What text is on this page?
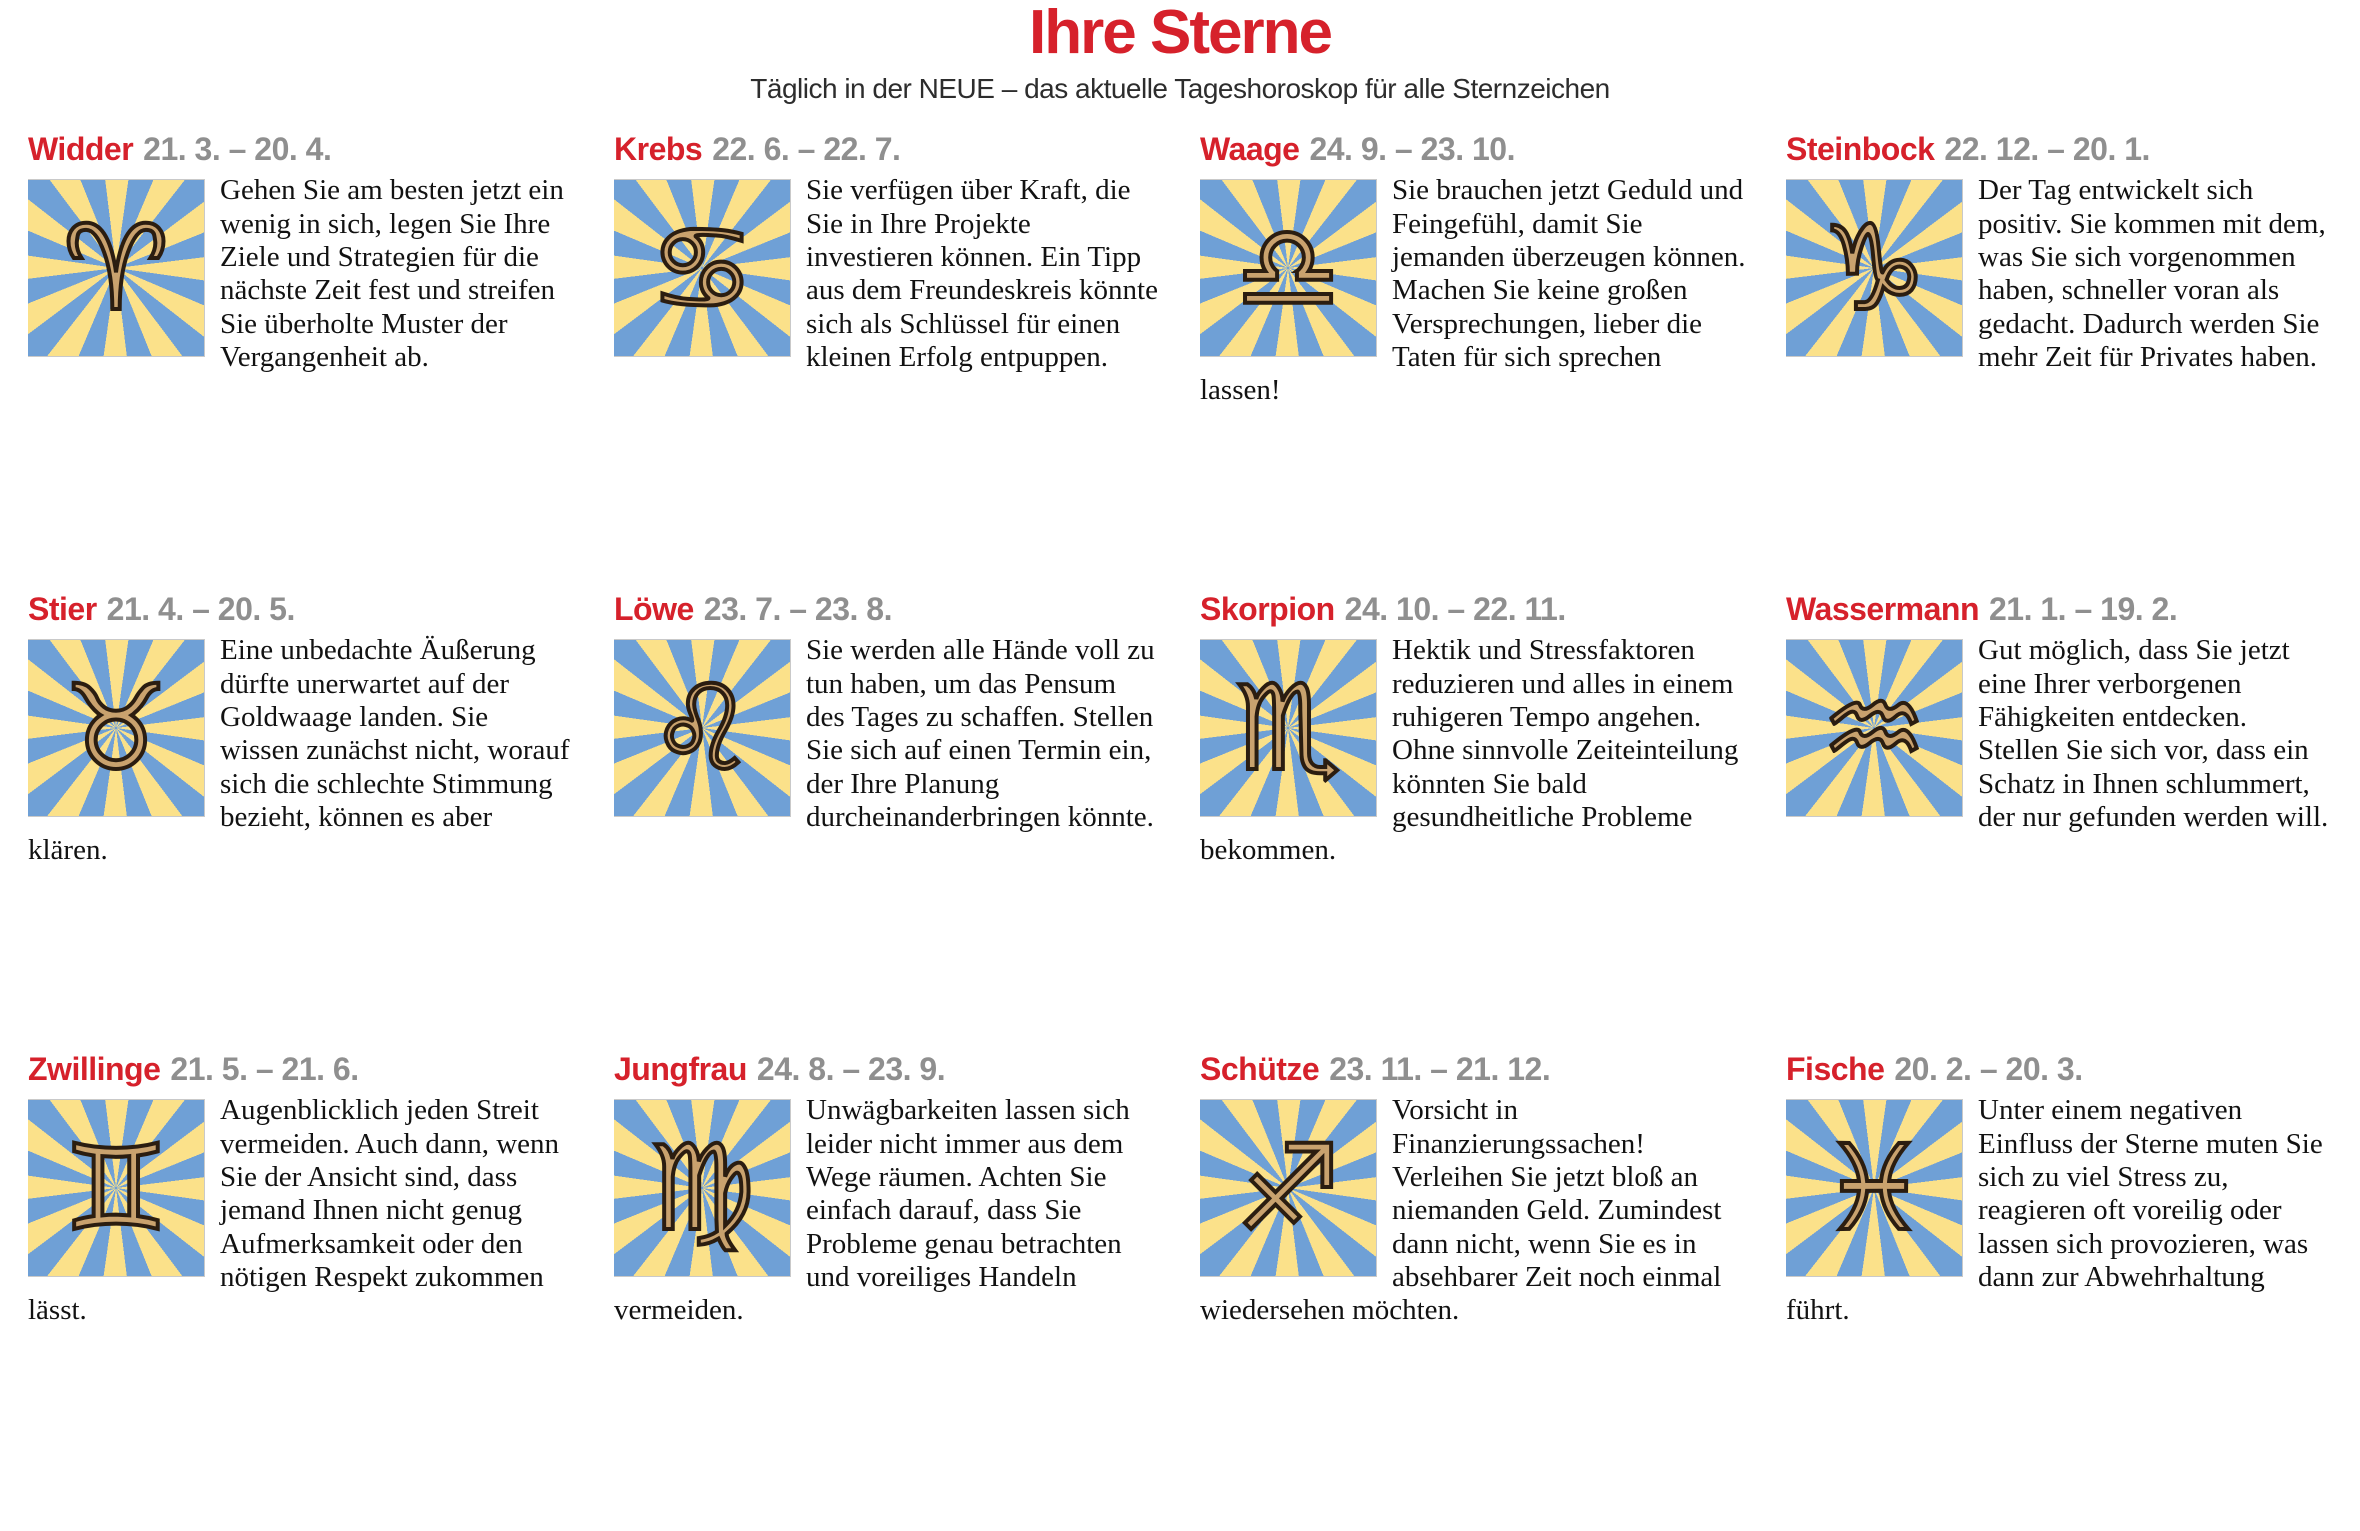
Ihre Sterne

Täglich in der NEUE – das aktuelle Tageshoroskop für alle Sternzeichen

Widder 21. 3. – 20. 4.
♈

Gehen Sie am besten jetzt ein wenig in sich, legen Sie Ihre Ziele und Strategien für die nächste Zeit fest und streifen Sie überholte Muster der Vergangenheit ab.

Stier 21. 4. – 20. 5.
♉

Eine unbedachte Äußerung dürfte unerwartet auf der Goldwaage landen. Sie wissen zunächst nicht, worauf sich die schlechte Stimmung bezieht, können es aber klären.

Zwillinge 21. 5. – 21. 6.
♊

Augenblicklich jeden Streit vermeiden. Auch dann, wenn Sie der Ansicht sind, dass jemand Ihnen nicht genug Aufmerksamkeit oder den nötigen Respekt zukommen lässt.

Krebs 22. 6. – 22. 7.
♋

Sie verfügen über Kraft, die Sie in Ihre Projekte investieren können. Ein Tipp aus dem Freundeskreis könnte sich als Schlüssel für einen kleinen Erfolg entpuppen.

Löwe 23. 7. – 23. 8.
♌

Sie werden alle Hände voll zu tun haben, um das Pensum des Tages zu schaffen. Stellen Sie sich auf einen Termin ein, der Ihre Planung durcheinanderbringen könnte.

Jungfrau 24. 8. – 23. 9.
♍

Unwägbarkeiten lassen sich leider nicht immer aus dem Wege räumen. Achten Sie einfach darauf, dass Sie Probleme genau betrachten und voreiliges Handeln vermeiden.

Waage 24. 9. – 23. 10.
♎

Sie brauchen jetzt Geduld und Feingefühl, damit Sie jemanden überzeugen können. Machen Sie keine großen Versprechungen, lieber die Taten für sich sprechen lassen!

Skorpion 24. 10. – 22. 11.
♏

Hektik und Stressfaktoren reduzieren und alles in einem ruhigeren Tempo angehen. Ohne sinnvolle Zeiteinteilung könnten Sie bald gesundheitliche Probleme bekommen.

Schütze 23. 11. – 21. 12.
♐

Vorsicht in Finanzierungssachen! Verleihen Sie jetzt bloß an niemanden Geld. Zumindest dann nicht, wenn Sie es in absehbarer Zeit noch einmal wiedersehen möchten.

Steinbock 22. 12. – 20. 1.
♑

Der Tag entwickelt sich positiv. Sie kommen mit dem, was Sie sich vorgenommen haben, schneller voran als gedacht. Dadurch werden Sie mehr Zeit für Privates haben.

Wassermann 21. 1. – 19. 2.
♒

Gut möglich, dass Sie jetzt eine Ihrer verborgenen Fähigkeiten entdecken. Stellen Sie sich vor, dass ein Schatz in Ihnen schlummert, der nur gefunden werden will.

Fische 20. 2. – 20. 3.
♓

Unter einem negativen Einfluss der Sterne muten Sie sich zu viel Stress zu, reagieren oft voreilig oder lassen sich provozieren, was dann zur Abwehrhaltung führt.
